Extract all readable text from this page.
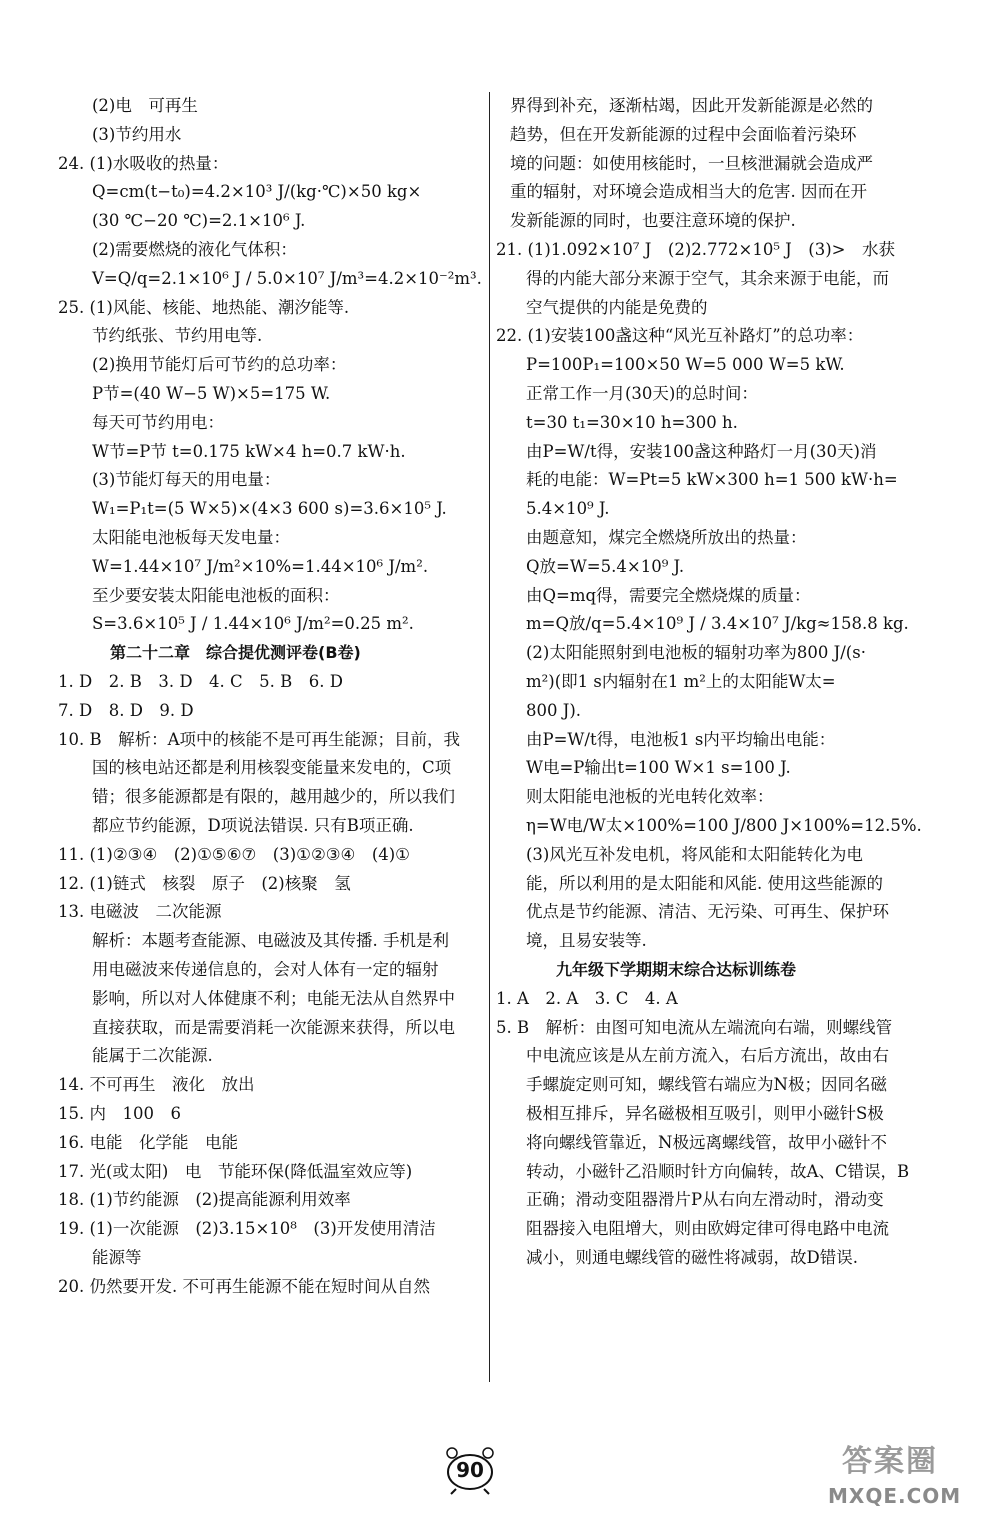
(2)电　可再生
(3)节约用水
24. (1)水吸收的热量：
Q=cm(t−t₀)=4.2×10³ J/(kg·℃)×50 kg×
(30 ℃−20 ℃)=2.1×10⁶ J.
(2)需要燃烧的液化气体积：
V=Q/q=2.1×10⁶ J / 5.0×10⁷ J/m³=4.2×10⁻²m³.
25. (1)风能、核能、地热能、潮汐能等.
节约纸张、节约用电等.
(2)换用节能灯后可节约的总功率：
P节=(40 W−5 W)×5=175 W.
每天可节约用电：
W节=P节 t=0.175 kW×4 h=0.7 kW·h.
(3)节能灯每天的用电量：
W₁=P₁t=(5 W×5)×(4×3 600 s)=3.6×10⁵ J.
太阳能电池板每天发电量：
W=1.44×10⁷ J/m²×10%=1.44×10⁶ J/m².
至少要安装太阳能电池板的面积：
S=3.6×10⁵ J / 1.44×10⁶ J/m²=0.25 m².
第二十二章　综合提优测评卷(B卷)
1. D　2. B　3. D　4. C　5. B　6. D
7. D　8. D　9. D
10. B　解析：A项中的核能不是可再生能源；目前，我
国的核电站还都是利用核裂变能量来发电的，C项
错；很多能源都是有限的，越用越少的，所以我们
都应节约能源，D项说法错误. 只有B项正确.
11. (1)②③④　(2)①⑤⑥⑦　(3)①②③④　(4)①
12. (1)链式　核裂　原子　(2)核聚　氢
13. 电磁波　二次能源
解析：本题考查能源、电磁波及其传播. 手机是利
用电磁波来传递信息的，会对人体有一定的辐射
影响，所以对人体健康不利；电能无法从自然界中
直接获取，而是需要消耗一次能源来获得，所以电
能属于二次能源.
14. 不可再生　液化　放出
15. 内　100　6
16. 电能　化学能　电能
17. 光(或太阳)　电　节能环保(降低温室效应等)
18. (1)节约能源　(2)提高能源利用效率
19. (1)一次能源　(2)3.15×10⁸　(3)开发使用清洁
能源等
20. 仍然要开发. 不可再生能源不能在短时间从自然
界得到补充，逐渐枯竭，因此开发新能源是必然的
趋势，但在开发新能源的过程中会面临着污染环
境的问题：如使用核能时，一旦核泄漏就会造成严
重的辐射，对环境会造成相当大的危害. 因而在开
发新能源的同时，也要注意环境的保护.
21. (1)1.092×10⁷ J　(2)2.772×10⁵ J　(3)>　水获
得的内能大部分来源于空气，其余来源于电能，而
空气提供的内能是免费的
22. (1)安装100盏这种“风光互补路灯”的总功率：
P=100P₁=100×50 W=5 000 W=5 kW.
正常工作一月(30天)的总时间：
t=30 t₁=30×10 h=300 h.
由P=W/t得，安装100盏这种路灯一月(30天)消
耗的电能：W=Pt=5 kW×300 h=1 500 kW·h=
5.4×10⁹ J.
由题意知，煤完全燃烧所放出的热量：
Q放=W=5.4×10⁹ J.
由Q=mq得，需要完全燃烧煤的质量：
m=Q放/q=5.4×10⁹ J / 3.4×10⁷ J/kg≈158.8 kg.
(2)太阳能照射到电池板的辐射功率为800 J/(s·
m²)(即1 s内辐射在1 m²上的太阳能W太=
800 J).
由P=W/t得，电池板1 s内平均输出电能：
W电=P输出t=100 W×1 s=100 J.
则太阳能电池板的光电转化效率：
η=W电/W太×100%=100 J/800 J×100%=12.5%.
(3)风光互补发电机，将风能和太阳能转化为电
能，所以利用的是太阳能和风能. 使用这些能源的
优点是节约能源、清洁、无污染、可再生、保护环
境，且易安装等.
九年级下学期期末综合达标训练卷
1. A　2. A　3. C　4. A
5. B　解析：由图可知电流从左端流向右端，则螺线管
中电流应该是从左前方流入，右后方流出，故由右
手螺旋定则可知，螺线管右端应为N极；因同名磁
极相互排斥，异名磁极相互吸引，则甲小磁针S极
将向螺线管靠近，N极远离螺线管，故甲小磁针不
转动，小磁针乙沿顺时针方向偏转，故A、C错误，B
正确；滑动变阻器滑片P从右向左滑动时，滑动变
阻器接入电阻增大，则由欧姆定律可得电路中电流
减小，则通电螺线管的磁性将减弱，故D错误.
90	答案圈
MXQE.COM
